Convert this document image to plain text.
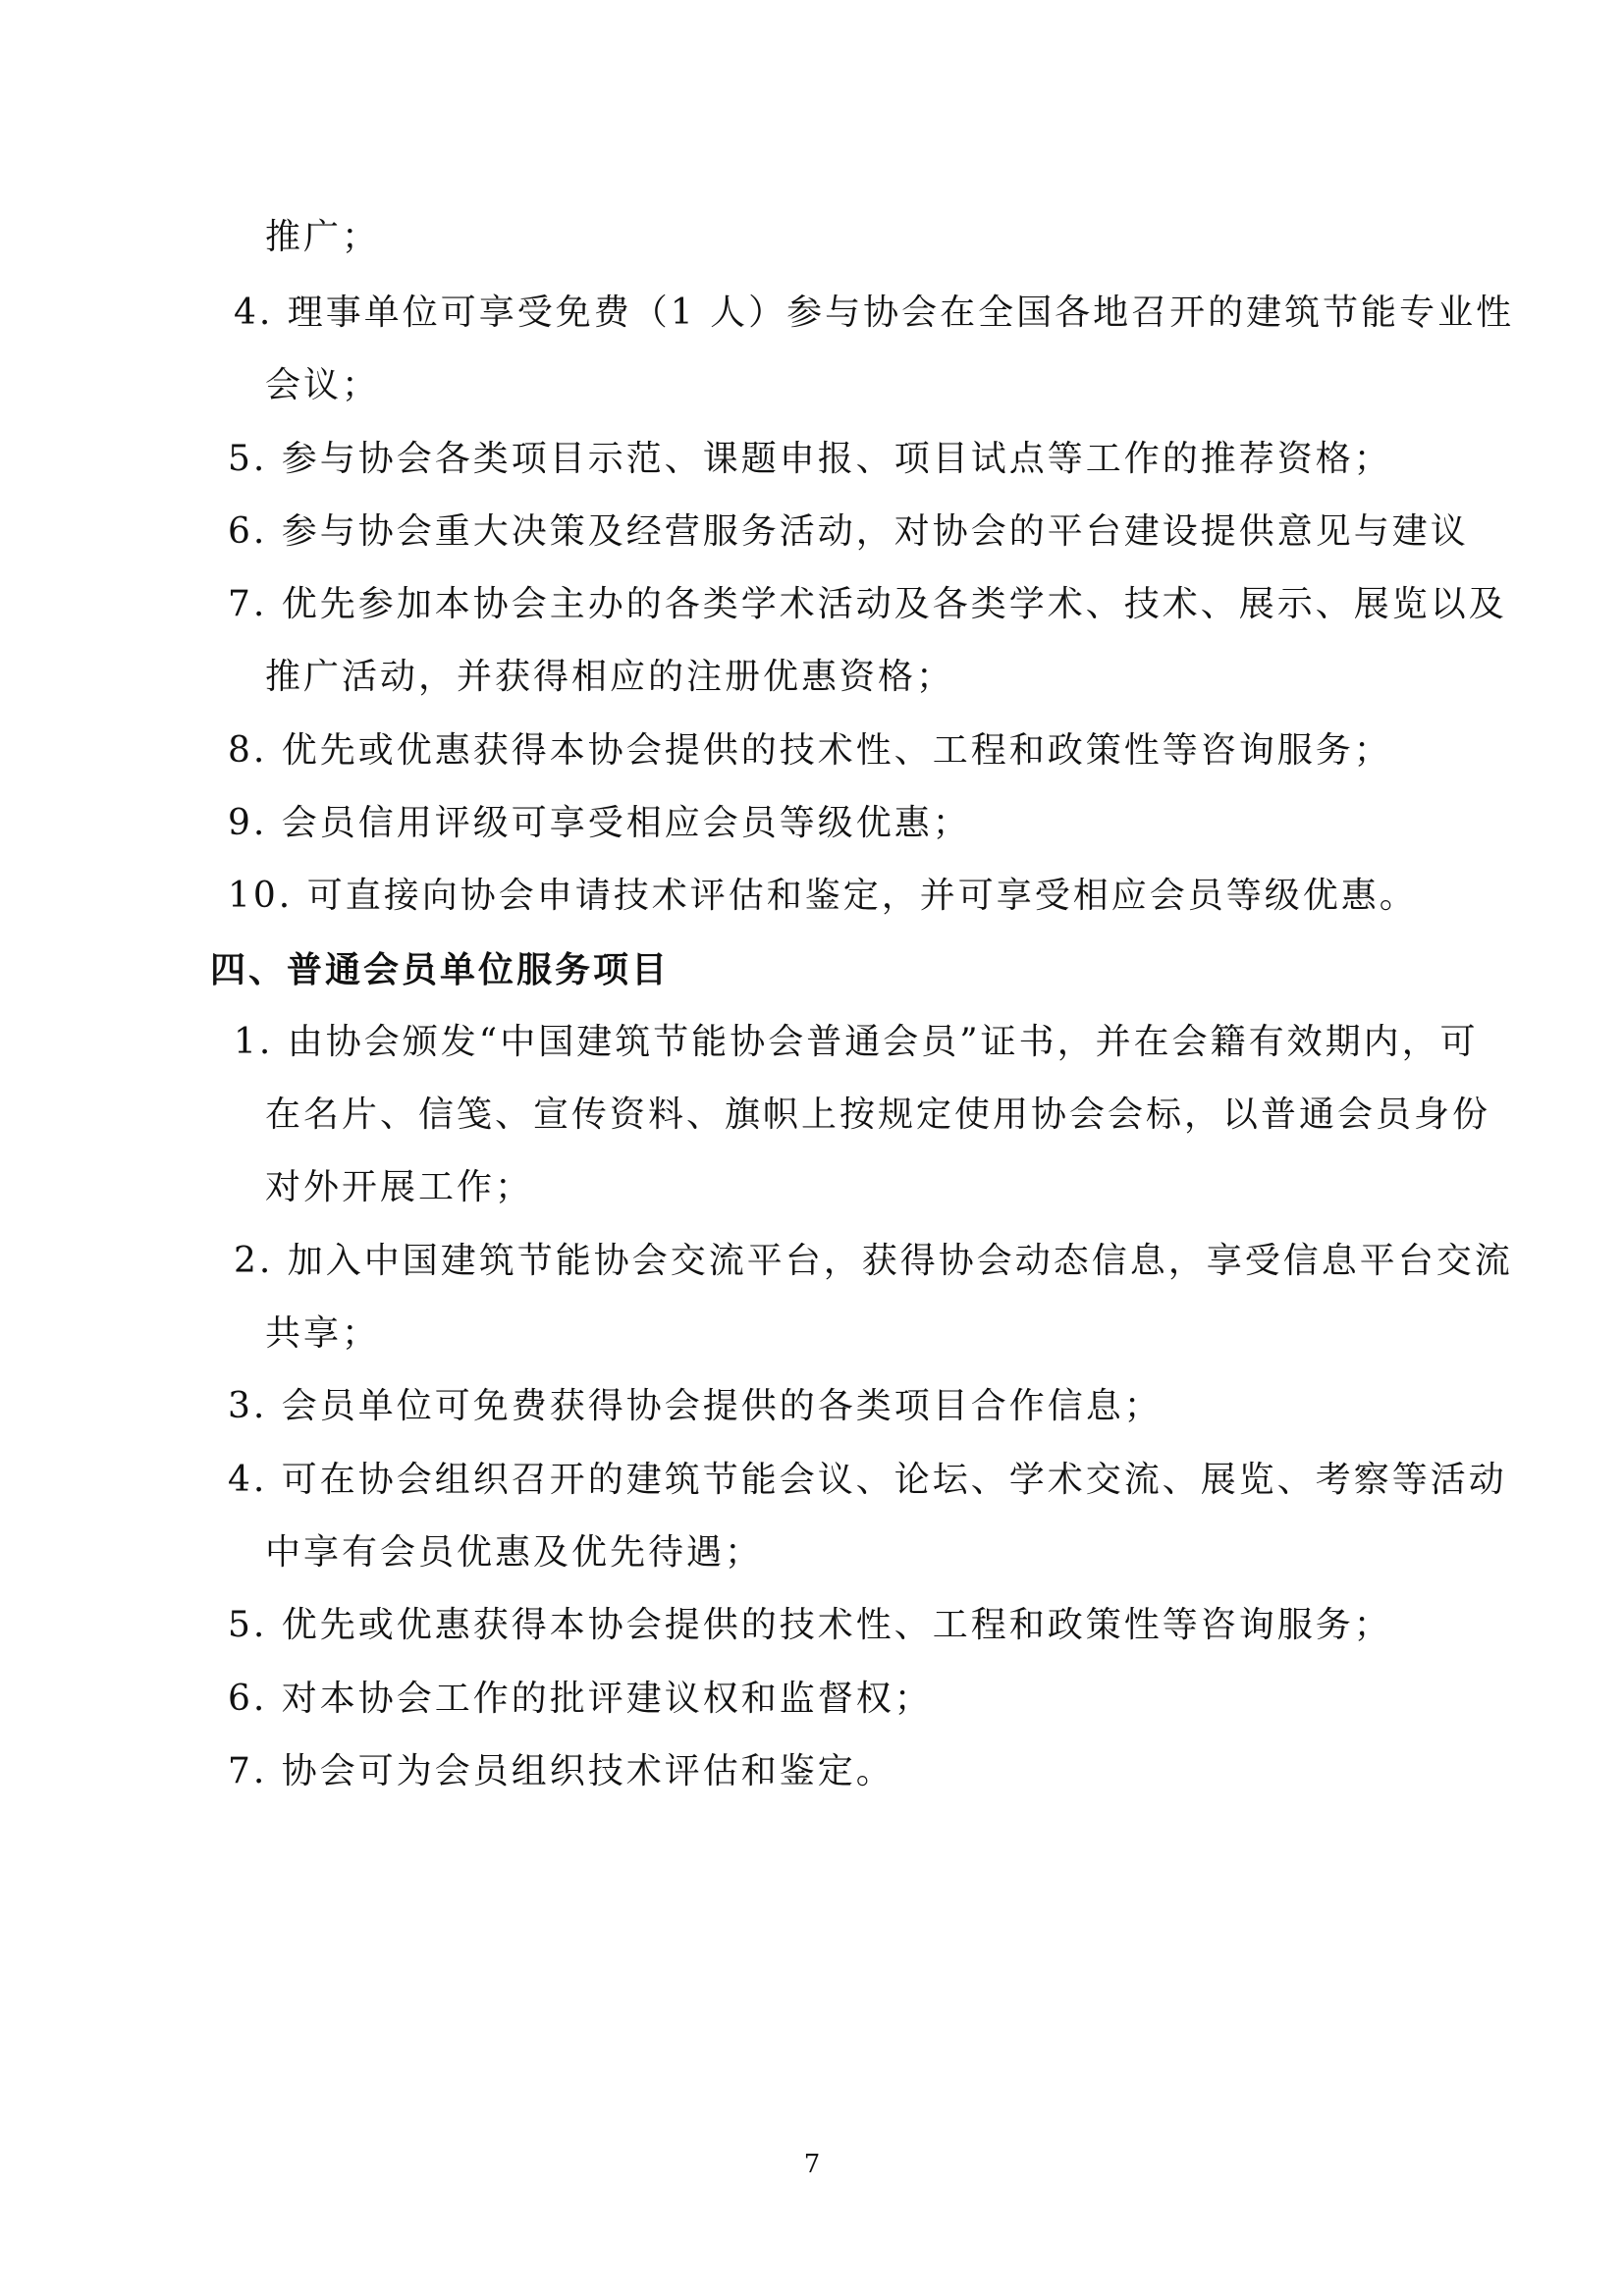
推广；
4. 理事单位可享受免费（1 人）参与协会在全国各地召开的建筑节能专业性
会议；
5. 参与协会各类项目示范、课题申报、项目试点等工作的推荐资格；
6. 参与协会重大决策及经营服务活动，对协会的平台建设提供意见与建议
7. 优先参加本协会主办的各类学术活动及各类学术、技术、展示、展览以及
推广活动，并获得相应的注册优惠资格；
8. 优先或优惠获得本协会提供的技术性、工程和政策性等咨询服务；
9. 会员信用评级可享受相应会员等级优惠；
10. 可直接向协会申请技术评估和鉴定，并可享受相应会员等级优惠。
四、普通会员单位服务项目
1. 由协会颁发“中国建筑节能协会普通会员”证书，并在会籍有效期内，可
在名片、信笺、宣传资料、旗帜上按规定使用协会会标，以普通会员身份
对外开展工作；
2. 加入中国建筑节能协会交流平台，获得协会动态信息，享受信息平台交流
共享；
3. 会员单位可免费获得协会提供的各类项目合作信息；
4. 可在协会组织召开的建筑节能会议、论坛、学术交流、展览、考察等活动
中享有会员优惠及优先待遇；
5. 优先或优惠获得本协会提供的技术性、工程和政策性等咨询服务；
6. 对本协会工作的批评建议权和监督权；
7. 协会可为会员组织技术评估和鉴定。
7
